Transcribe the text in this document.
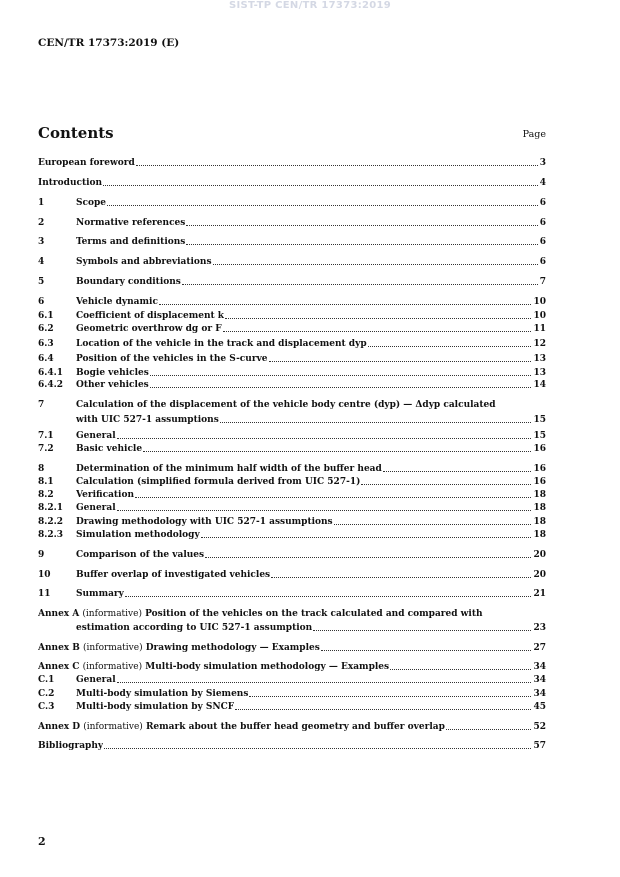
SIST-TP CEN/TR 17373:2019
CEN/TR 17373:2019 (E)
Contents	Page
European foreword	3
Introduction	4
1	Scope	6
2	Normative references	6
3	Terms and definitions	6
4	Symbols and abbreviations	6
5	Boundary conditions	7
6	Vehicle dynamic	10
6.1	Coefficient of displacement k	10
6.2	Geometric overthrow dg or F	11
6.3	Location of the vehicle in the track and displacement dyp	12
6.4	Position of the vehicles in the S-curve	13
6.4.1	Bogie vehicles	13
6.4.2	Other vehicles	14
7	Calculation of the displacement of the vehicle body centre (dyp) — Δdyp calculated
with UIC 527-1 assumptions	15
7.1	General	15
7.2	Basic vehicle	16
8	Determination of the minimum half width of the buffer head	16
8.1	Calculation (simplified formula derived from UIC 527-1)	16
8.2	Verification	18
8.2.1	General	18
8.2.2	Drawing methodology with UIC 527-1 assumptions	18
8.2.3	Simulation methodology	18
9	Comparison of the values	20
10	Buffer overlap of investigated vehicles	20
11	Summary	21
Annex A (informative) Position of the vehicles on the track calculated and compared with
estimation according to UIC 527-1 assumption	23
Annex B (informative) Drawing methodology — Examples	27
Annex C (informative) Multi-body simulation methodology — Examples	34
C.1	General	34
C.2	Multi-body simulation by Siemens	34
C.3	Multi-body simulation by SNCF	45
Annex D (informative) Remark about the buffer head geometry and buffer overlap	52
Bibliography	57
2
